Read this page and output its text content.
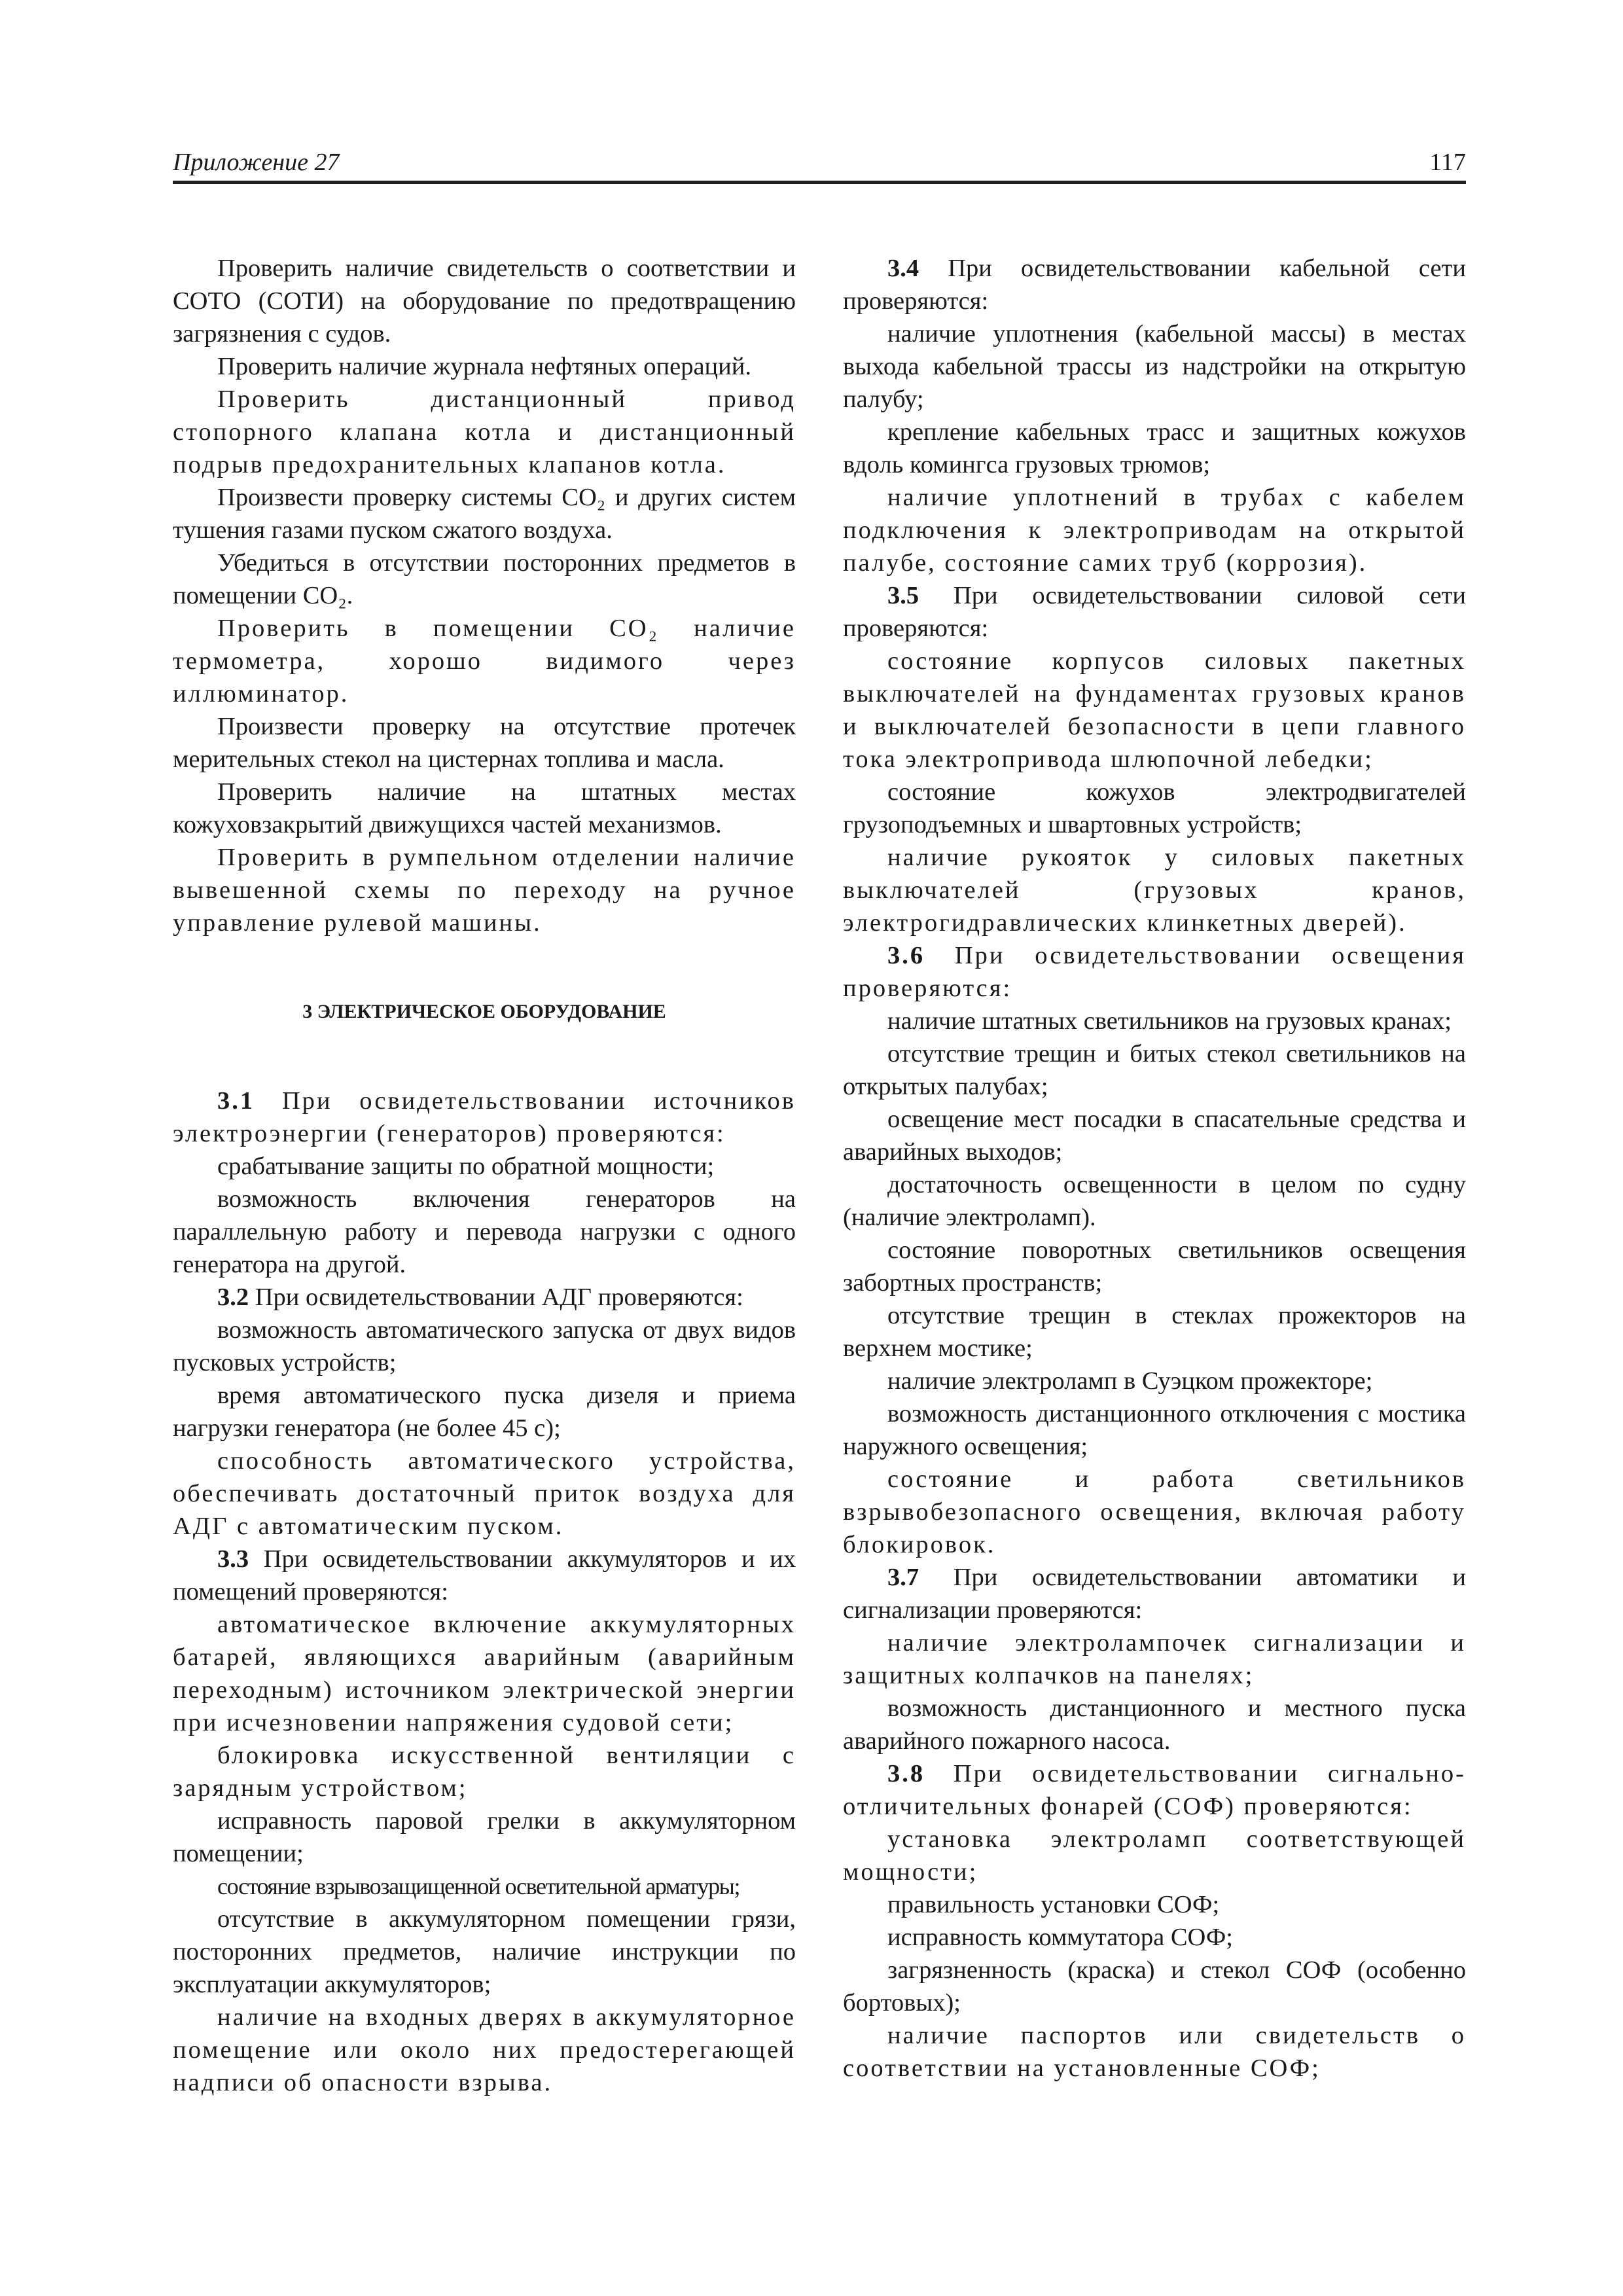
Приложение 27	117

Проверить наличие свидетельств о соответствии и СОТО (СОТИ) на оборудование по предотвращению загрязнения с судов.

Проверить наличие журнала нефтяных операций.

Проверить дистанционный привод стопорного клапана котла и дистанционный подрыв предохранительных клапанов котла.

Произвести проверку системы CO₂ и других систем тушения газами пуском сжатого воздуха.

Убедиться в отсутствии посторонних предметов в помещении CO₂.

Проверить в помещении CO₂ наличие термометра, хорошо видимого через иллюминатор.

Произвести проверку на отсутствие протечек мерительных стекол на цистернах топлива и масла.

Проверить наличие на штатных местах кожуховзакрытий движущихся частей механизмов.

Проверить в румпельном отделении наличие вывешенной схемы по переходу на ручное управление рулевой машины.

3 ЭЛЕКТРИЧЕСКОЕ ОБОРУДОВАНИЕ

3.1 При освидетельствовании источников электроэнергии (генераторов) проверяются:

срабатывание защиты по обратной мощности;

возможность включения генераторов на параллельную работу и перевода нагрузки с одного генератора на другой.

3.2 При освидетельствовании АДГ проверяются:

возможность автоматического запуска от двух видов пусковых устройств;

время автоматического пуска дизеля и приема нагрузки генератора (не более 45 с);

способность автоматического устройства, обеспечивать достаточный приток воздуха для АДГ с автоматическим пуском.

3.3 При освидетельствовании аккумуляторов и их помещений проверяются:

автоматическое включение аккумуляторных батарей, являющихся аварийным (аварийным переходным) источником электрической энергии при исчезновении напряжения судовой сети;

блокировка искусственной вентиляции с зарядным устройством;

исправность паровой грелки в аккумуляторном помещении;

состояние взрывозащищенной осветительной арматуры;

отсутствие в аккумуляторном помещении грязи, посторонних предметов, наличие инструкции по эксплуатации аккумуляторов;

наличие на входных дверях в аккумуляторное помещение или около них предостерегающей надписи об опасности взрыва.

3.4 При освидетельствовании кабельной сети проверяются:

наличие уплотнения (кабельной массы) в местах выхода кабельной трассы из надстройки на открытую палубу;

крепление кабельных трасс и защитных кожухов вдоль комингса грузовых трюмов;

наличие уплотнений в трубах с кабелем подключения к электроприводам на открытой палубе, состояние самих труб (коррозия).

3.5 При освидетельствовании силовой сети проверяются:

состояние корпусов силовых пакетных выключателей на фундаментах грузовых кранов и выключателей безопасности в цепи главного тока электропривода шлюпочной лебедки;

состояние кожухов электродвигателей грузоподъемных и швартовных устройств;

наличие рукояток у силовых пакетных выключателей (грузовых кранов, электрогидравлических клинкетных дверей).

3.6 При освидетельствовании освещения проверяются:

наличие штатных светильников на грузовых кранах;

отсутствие трещин и битых стекол светильников на открытых палубах;

освещение мест посадки в спасательные средства и аварийных выходов;

достаточность освещенности в целом по судну (наличие электроламп).

состояние поворотных светильников освещения забортных пространств;

отсутствие трещин в стеклах прожекторов на верхнем мостике;

наличие электроламп в Суэцком прожекторе;

возможность дистанционного отключения с мостика наружного освещения;

состояние и работа светильников взрывобезопасного освещения, включая работу блокировок.

3.7 При освидетельствовании автоматики и сигнализации проверяются:

наличие электролампочек сигнализации и защитных колпачков на панелях;

возможность дистанционного и местного пуска аварийного пожарного насоса.

3.8 При освидетельствовании сигнально-отличительных фонарей (СОФ) проверяются:

установка электроламп соответствующей мощности;

правильность установки СОФ;

исправность коммутатора СОФ;

загрязненность (краска) и стекол СОФ (особенно бортовых);

наличие паспортов или свидетельств о соответствии на установленные СОФ;
